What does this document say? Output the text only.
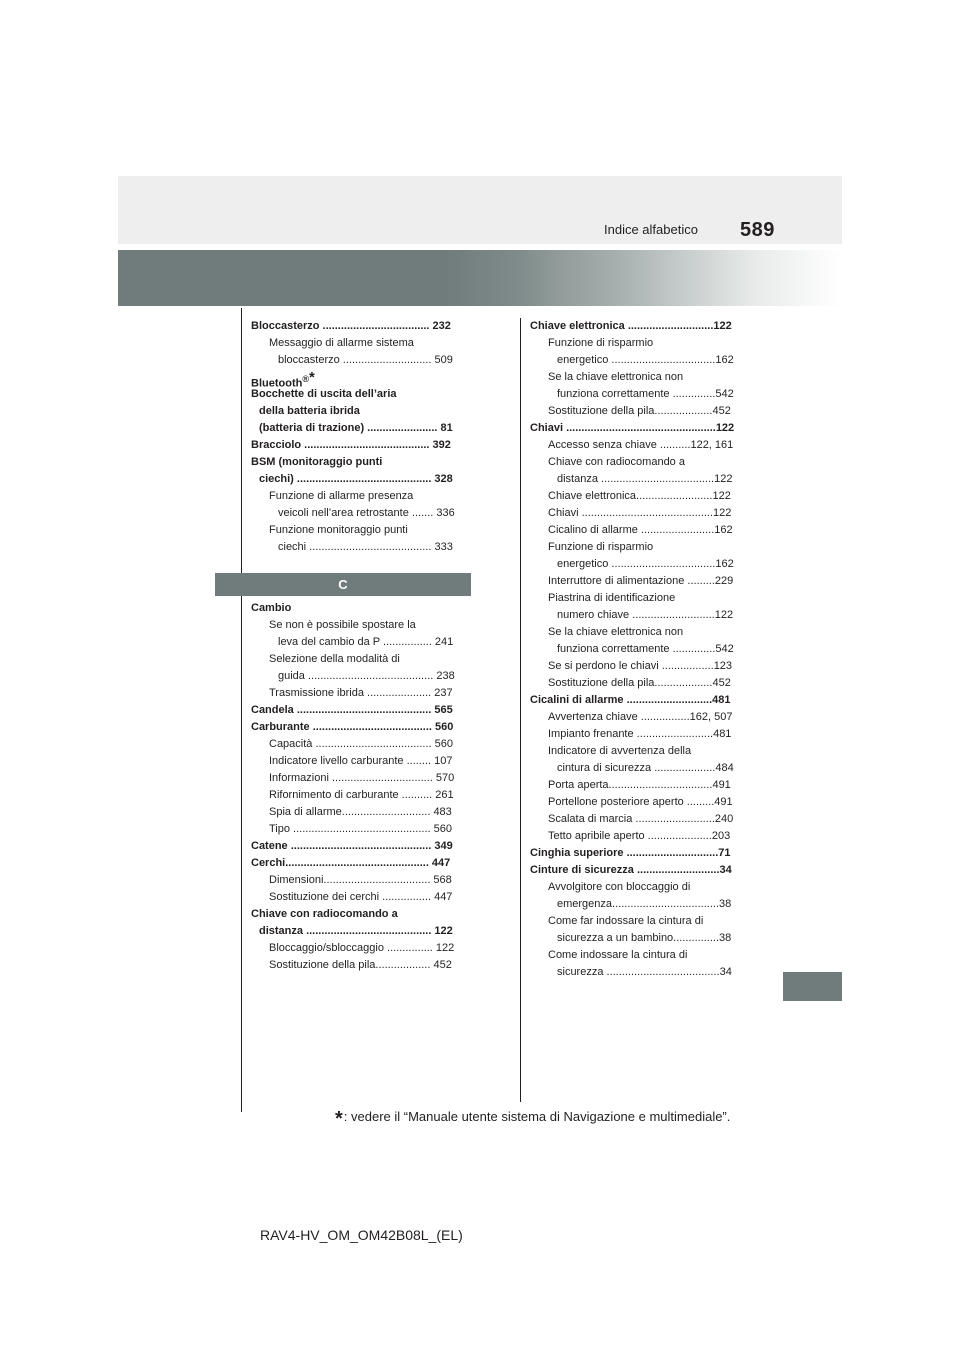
Indice alfabetico 589
C
Bloccasterzo ................................... 232
Messaggio di allarme sistema
bloccasterzo ............................. 509
Bluetooth®*
Bocchette di uscita dell’aria
della batteria ibrida
(batteria di trazione) ....................... 81
Bracciolo ......................................... 392
BSM (monitoraggio punti
ciechi) ............................................ 328
Funzione di allarme presenza
veicoli nell’area retrostante ....... 336
Funzione monitoraggio punti
ciechi ........................................ 333
Cambio
Se non è possibile spostare la
leva del cambio da P ................ 241
Selezione della modalità di
guida ......................................... 238
Trasmissione ibrida ..................... 237
Candela ............................................ 565
Carburante ....................................... 560
Capacità ...................................... 560
Indicatore livello carburante ........ 107
Informazioni ................................. 570
Rifornimento di carburante .......... 261
Spia di allarme............................. 483
Tipo ............................................. 560
Catene .............................................. 349
Cerchi............................................... 447
Dimensioni................................... 568
Sostituzione dei cerchi ................ 447
Chiave con radiocomando a
distanza ......................................... 122
Bloccaggio/sbloccaggio ............... 122
Sostituzione della pila.................. 452
Chiave elettronica ............................122
Funzione di risparmio
energetico ..................................162
Se la chiave elettronica non
funziona correttamente ..............542
Sostituzione della pila...................452
Chiavi .................................................122
Accesso senza chiave ..........122, 161
Chiave con radiocomando a
distanza .....................................122
Chiave elettronica.........................122
Chiavi ...........................................122
Cicalino di allarme ........................162
Funzione di risparmio
energetico ..................................162
Interruttore di alimentazione .........229
Piastrina di identificazione
numero chiave ...........................122
Se la chiave elettronica non
funziona correttamente ..............542
Se si perdono le chiavi .................123
Sostituzione della pila...................452
Cicalini di allarme ............................481
Avvertenza chiave ................162, 507
Impianto frenante .........................481
Indicatore di avvertenza della
cintura di sicurezza ....................484
Porta aperta..................................491
Portellone posteriore aperto .........491
Scalata di marcia ..........................240
Tetto apribile aperto .....................203
Cinghia superiore ..............................71
Cinture di sicurezza ...........................34
Avvolgitore con bloccaggio di
emergenza...................................38
Come far indossare la cintura di
sicurezza a un bambino...............38
Come indossare la cintura di
sicurezza .....................................34
*: vedere il “Manuale utente sistema di Navigazione e multimediale”.
RAV4-HV_OM_OM42B08L_(EL)
